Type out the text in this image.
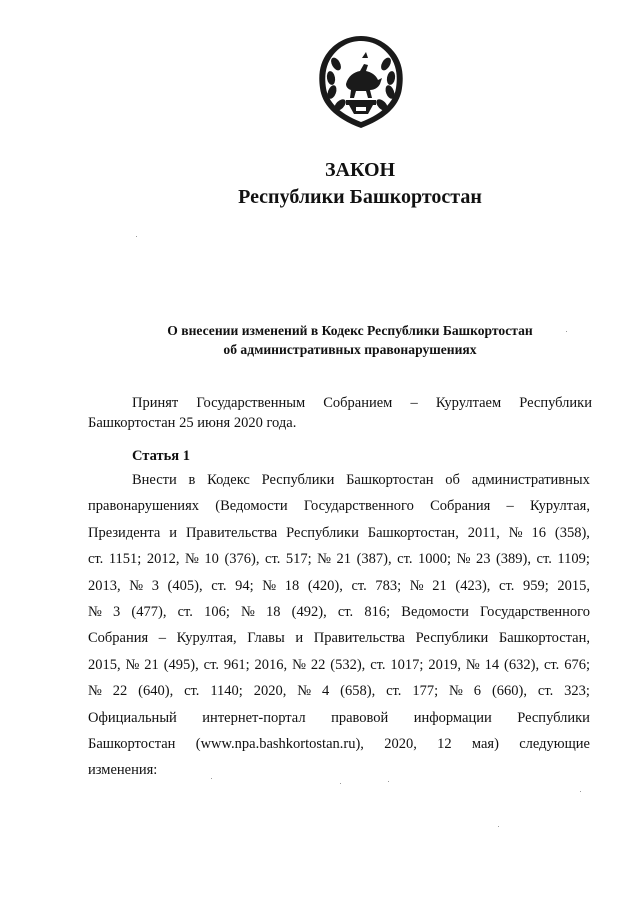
ЗАКОН
Республики Башкортостан
О внесении изменений в Кодекс Республики Башкортостан
об административных правонарушениях
Принят Государственным Собранием – Курултаем Республики Башкортостан 25 июня 2020 года.
Статья 1
Внести в Кодекс Республики Башкортостан об административных
правонарушениях (Ведомости Государственного Собрания – Курултая,
Президента и Правительства Республики Башкортостан, 2011, № 16 (358),
ст. 1151; 2012, № 10 (376), ст. 517; № 21 (387), ст. 1000; № 23 (389), ст. 1109;
2013, № 3 (405), ст. 94; № 18 (420), ст. 783; № 21 (423), ст. 959; 2015,
№ 3 (477), ст. 106; № 18 (492), ст. 816; Ведомости Государственного
Собрания – Курултая, Главы и Правительства Республики Башкортостан,
2015, № 21 (495), ст. 961; 2016, № 22 (532), ст. 1017; 2019, № 14 (632), ст. 676;
№ 22 (640), ст. 1140; 2020, № 4 (658), ст. 177; № 6 (660), ст. 323;
Официальный интернет-портал правовой информации Республики
Башкортостан (www.npa.bashkortostan.ru), 2020, 12 мая) следующие
изменения:
